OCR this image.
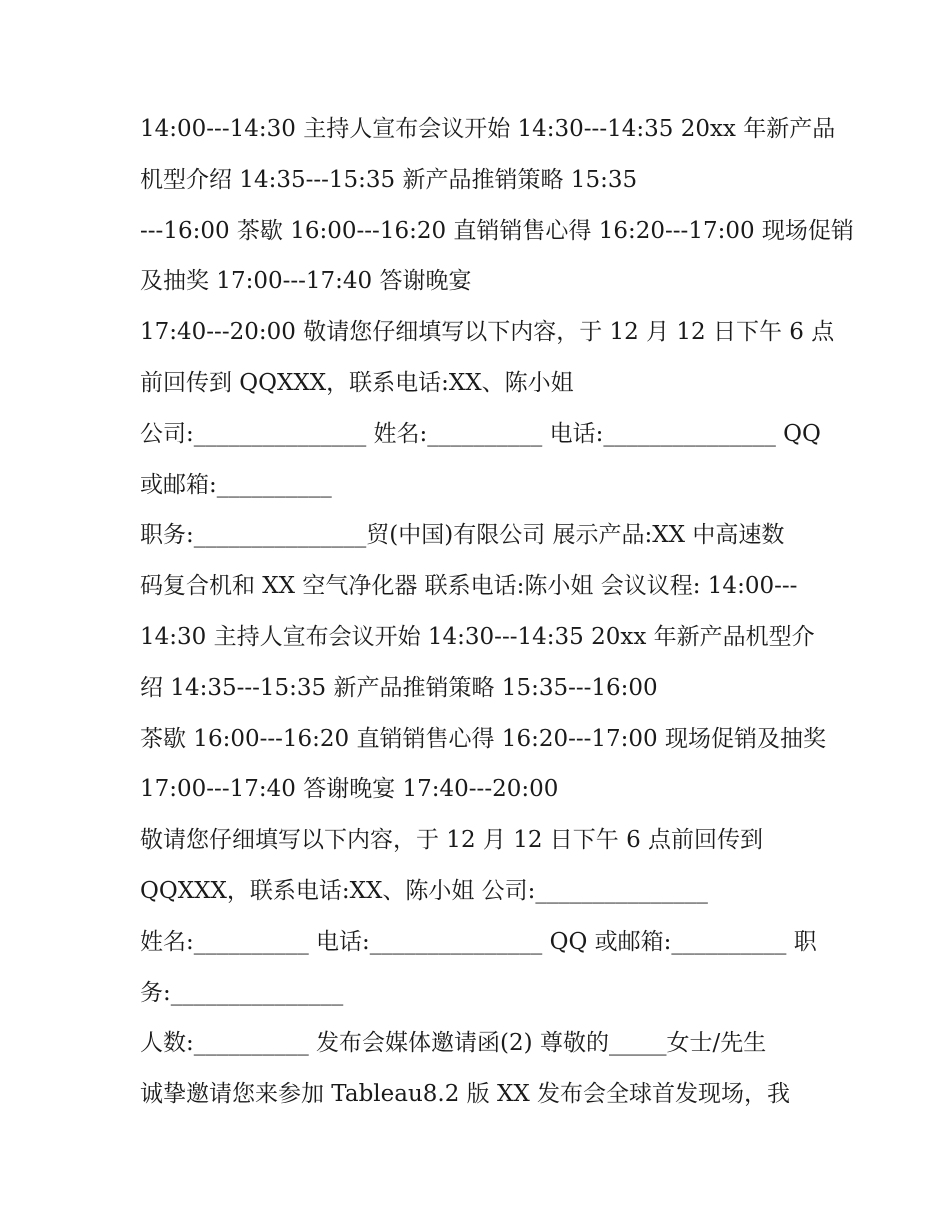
14:00---14:30 主持人宣布会议开始 14:30---14:35 20xx 年新产品
机型介绍 14:35---15:35 新产品推销策略 15:35
---16:00 茶歇 16:00---16:20 直销销售心得 16:20---17:00 现场促销
及抽奖 17:00---17:40 答谢晚宴
17:40---20:00 敬请您仔细填写以下内容，于 12 月 12 日下午 6 点
前回传到 QQXXX，联系电话:XX、陈小姐
公司:_______________ 姓名:__________ 电话:_______________ QQ
或邮箱:__________
职务:_______________贸(中国)有限公司 展示产品:XX 中高速数
码复合机和 XX 空气净化器 联系电话:陈小姐 会议议程: 14:00---
14:30 主持人宣布会议开始 14:30---14:35 20xx 年新产品机型介
绍 14:35---15:35 新产品推销策略 15:35---16:00
茶歇 16:00---16:20 直销销售心得 16:20---17:00 现场促销及抽奖
17:00---17:40 答谢晚宴 17:40---20:00
敬请您仔细填写以下内容，于 12 月 12 日下午 6 点前回传到
QQXXX，联系电话:XX、陈小姐 公司:_______________
姓名:__________ 电话:_______________ QQ 或邮箱:__________ 职
务:_______________
人数:__________ 发布会媒体邀请函(2) 尊敬的_____女士/先生
诚挚邀请您来参加 Tableau8.2 版 XX 发布会全球首发现场，我
